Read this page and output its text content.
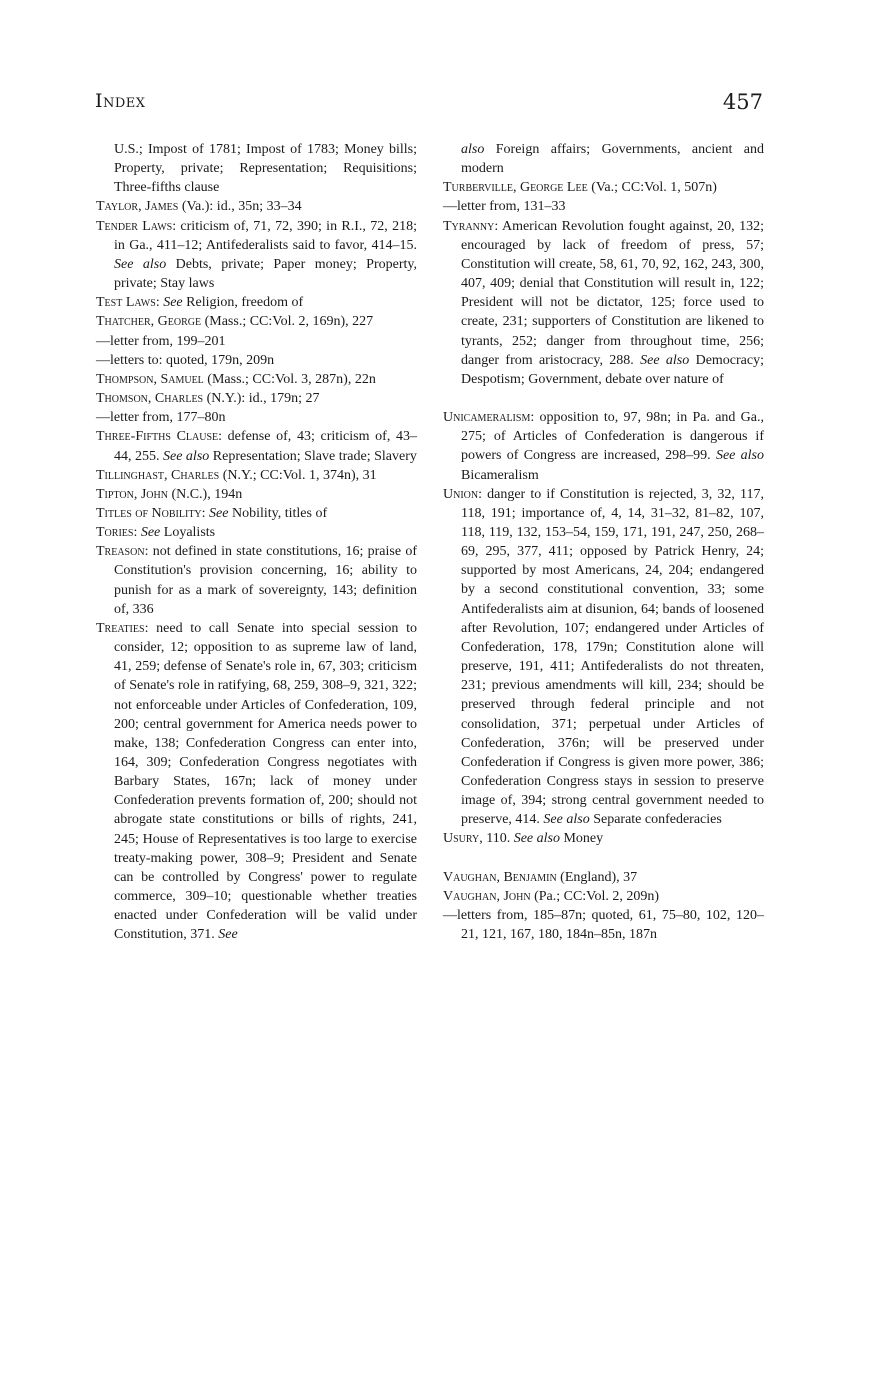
Index	457

U.S.; Impost of 1781; Impost of 1783; Money bills; Property, private; Representation; Requisitions; Three-fifths clause

Taylor, James (Va.): id., 35n; 33–34

Tender Laws: criticism of, 71, 72, 390; in R.I., 72, 218; in Ga., 411–12; Antifederalists said to favor, 414–15. See also Debts, private; Paper money; Property, private; Stay laws

Test Laws: See Religion, freedom of

Thatcher, George (Mass.; CC:Vol. 2, 169n), 227

—letter from, 199–201

—letters to: quoted, 179n, 209n

Thompson, Samuel (Mass.; CC:Vol. 3, 287n), 22n

Thomson, Charles (N.Y.): id., 179n; 27

—letter from, 177–80n

Three-Fifths Clause: defense of, 43; criticism of, 43–44, 255. See also Representation; Slave trade; Slavery

Tillinghast, Charles (N.Y.; CC:Vol. 1, 374n), 31

Tipton, John (N.C.), 194n

Titles of Nobility: See Nobility, titles of

Tories: See Loyalists

Treason: not defined in state constitutions, 16; praise of Constitution's provision concerning, 16; ability to punish for as a mark of sovereignty, 143; definition of, 336

Treaties: need to call Senate into special session to consider, 12; opposition to as supreme law of land, 41, 259; defense of Senate's role in, 67, 303; criticism of Senate's role in ratifying, 68, 259, 308–9, 321, 322; not enforceable under Articles of Confederation, 109, 200; central government for America needs power to make, 138; Confederation Congress can enter into, 164, 309; Confederation Congress negotiates with Barbary States, 167n; lack of money under Confederation prevents formation of, 200; should not abrogate state constitutions or bills of rights, 241, 245; House of Representatives is too large to exercise treaty-making power, 308–9; President and Senate can be controlled by Congress' power to regulate commerce, 309–10; questionable whether treaties enacted under Confederation will be valid under Constitution, 371. See

also Foreign affairs; Governments, ancient and modern

Turberville, George Lee (Va.; CC:Vol. 1, 507n)

—letter from, 131–33

Tyranny: American Revolution fought against, 20, 132; encouraged by lack of freedom of press, 57; Constitution will create, 58, 61, 70, 92, 162, 243, 300, 407, 409; denial that Constitution will result in, 122; President will not be dictator, 125; force used to create, 231; supporters of Constitution are likened to tyrants, 252; danger from throughout time, 256; danger from aristocracy, 288. See also Democracy; Despotism; Government, debate over nature of

Unicameralism: opposition to, 97, 98n; in Pa. and Ga., 275; of Articles of Confederation is dangerous if powers of Congress are increased, 298–99. See also Bicameralism

Union: danger to if Constitution is rejected, 3, 32, 117, 118, 191; importance of, 4, 14, 31–32, 81–82, 107, 118, 119, 132, 153–54, 159, 171, 191, 247, 250, 268–69, 295, 377, 411; opposed by Patrick Henry, 24; supported by most Americans, 24, 204; endangered by a second constitutional convention, 33; some Antifederalists aim at disunion, 64; bands of loosened after Revolution, 107; endangered under Articles of Confederation, 178, 179n; Constitution alone will preserve, 191, 411; Antifederalists do not threaten, 231; previous amendments will kill, 234; should be preserved through federal principle and not consolidation, 371; perpetual under Articles of Confederation, 376n; will be preserved under Confederation if Congress is given more power, 386; Confederation Congress stays in session to preserve image of, 394; strong central government needed to preserve, 414. See also Separate confederacies

Usury, 110. See also Money

Vaughan, Benjamin (England), 37

Vaughan, John (Pa.; CC:Vol. 2, 209n)

—letters from, 185–87n; quoted, 61, 75–80, 102, 120–21, 121, 167, 180, 184n–85n, 187n
